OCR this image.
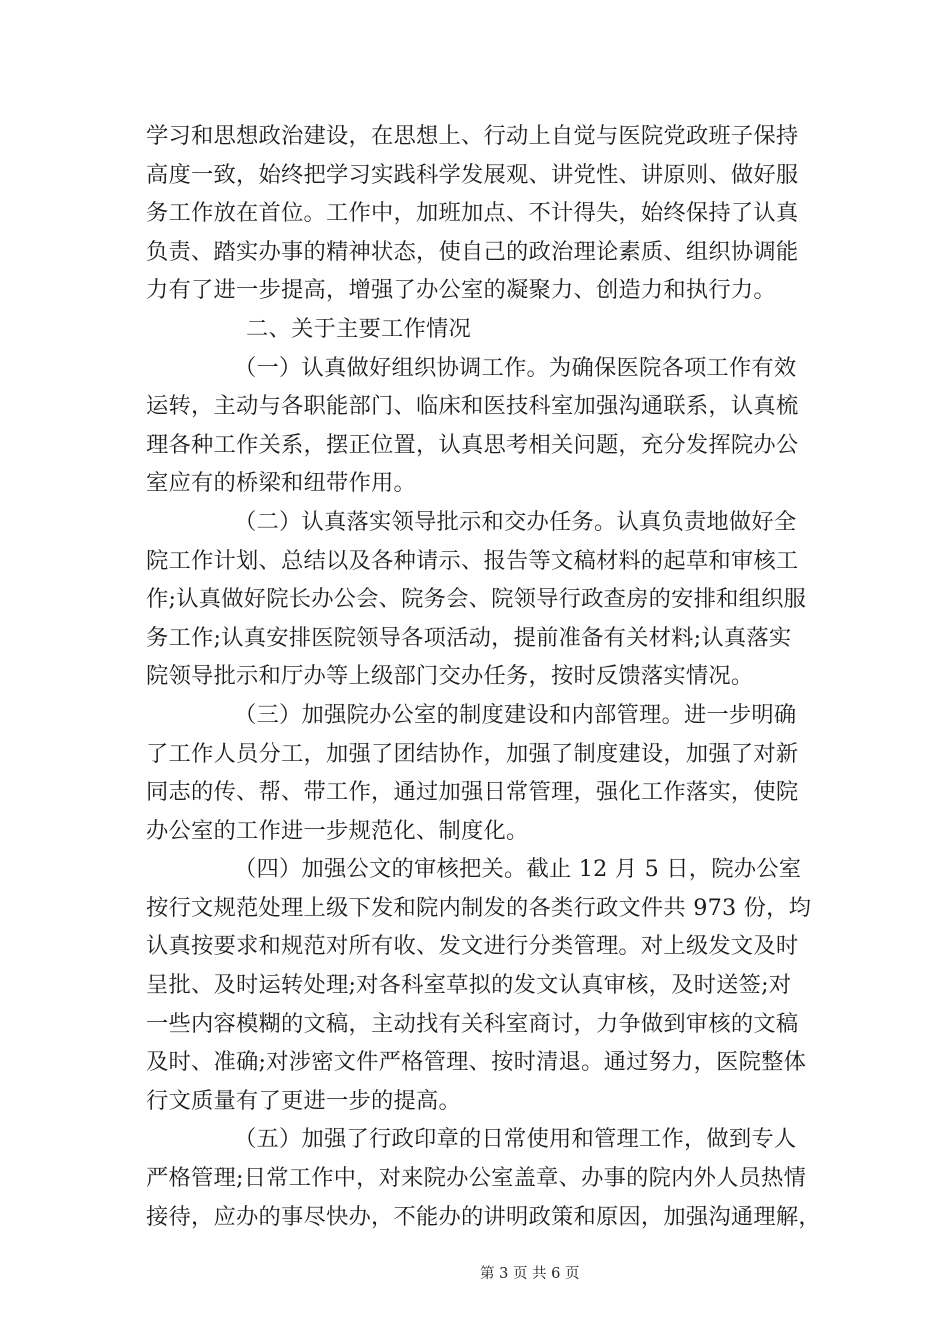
学习和思想政治建设，在思想上、行动上自觉与医院党政班子保持
高度一致，始终把学习实践科学发展观、讲党性、讲原则、做好服
务工作放在首位。工作中，加班加点、不计得失，始终保持了认真
负责、踏实办事的精神状态，使自己的政治理论素质、组织协调能
力有了进一步提高，增强了办公室的凝聚力、创造力和执行力。
二、关于主要工作情况
（一）认真做好组织协调工作。为确保医院各项工作有效
运转，主动与各职能部门、临床和医技科室加强沟通联系，认真梳
理各种工作关系，摆正位置，认真思考相关问题，充分发挥院办公
室应有的桥梁和纽带作用。
（二）认真落实领导批示和交办任务。认真负责地做好全
院工作计划、总结以及各种请示、报告等文稿材料的起草和审核工
作;认真做好院长办公会、院务会、院领导行政查房的安排和组织服
务工作;认真安排医院领导各项活动，提前准备有关材料;认真落实
院领导批示和厅办等上级部门交办任务，按时反馈落实情况。
（三）加强院办公室的制度建设和内部管理。进一步明确
了工作人员分工，加强了团结协作，加强了制度建设，加强了对新
同志的传、帮、带工作，通过加强日常管理，强化工作落实，使院
办公室的工作进一步规范化、制度化。
（四）加强公文的审核把关。截止 12 月 5 日，院办公室
按行文规范处理上级下发和院内制发的各类行政文件共 973 份，均
认真按要求和规范对所有收、发文进行分类管理。对上级发文及时
呈批、及时运转处理;对各科室草拟的发文认真审核，及时送签;对
一些内容模糊的文稿，主动找有关科室商讨，力争做到审核的文稿
及时、准确;对涉密文件严格管理、按时清退。通过努力，医院整体
行文质量有了更进一步的提高。
（五）加强了行政印章的日常使用和管理工作，做到专人
严格管理;日常工作中，对来院办公室盖章、办事的院内外人员热情
接待，应办的事尽快办，不能办的讲明政策和原因，加强沟通理解，
第 3 页 共 6 页
